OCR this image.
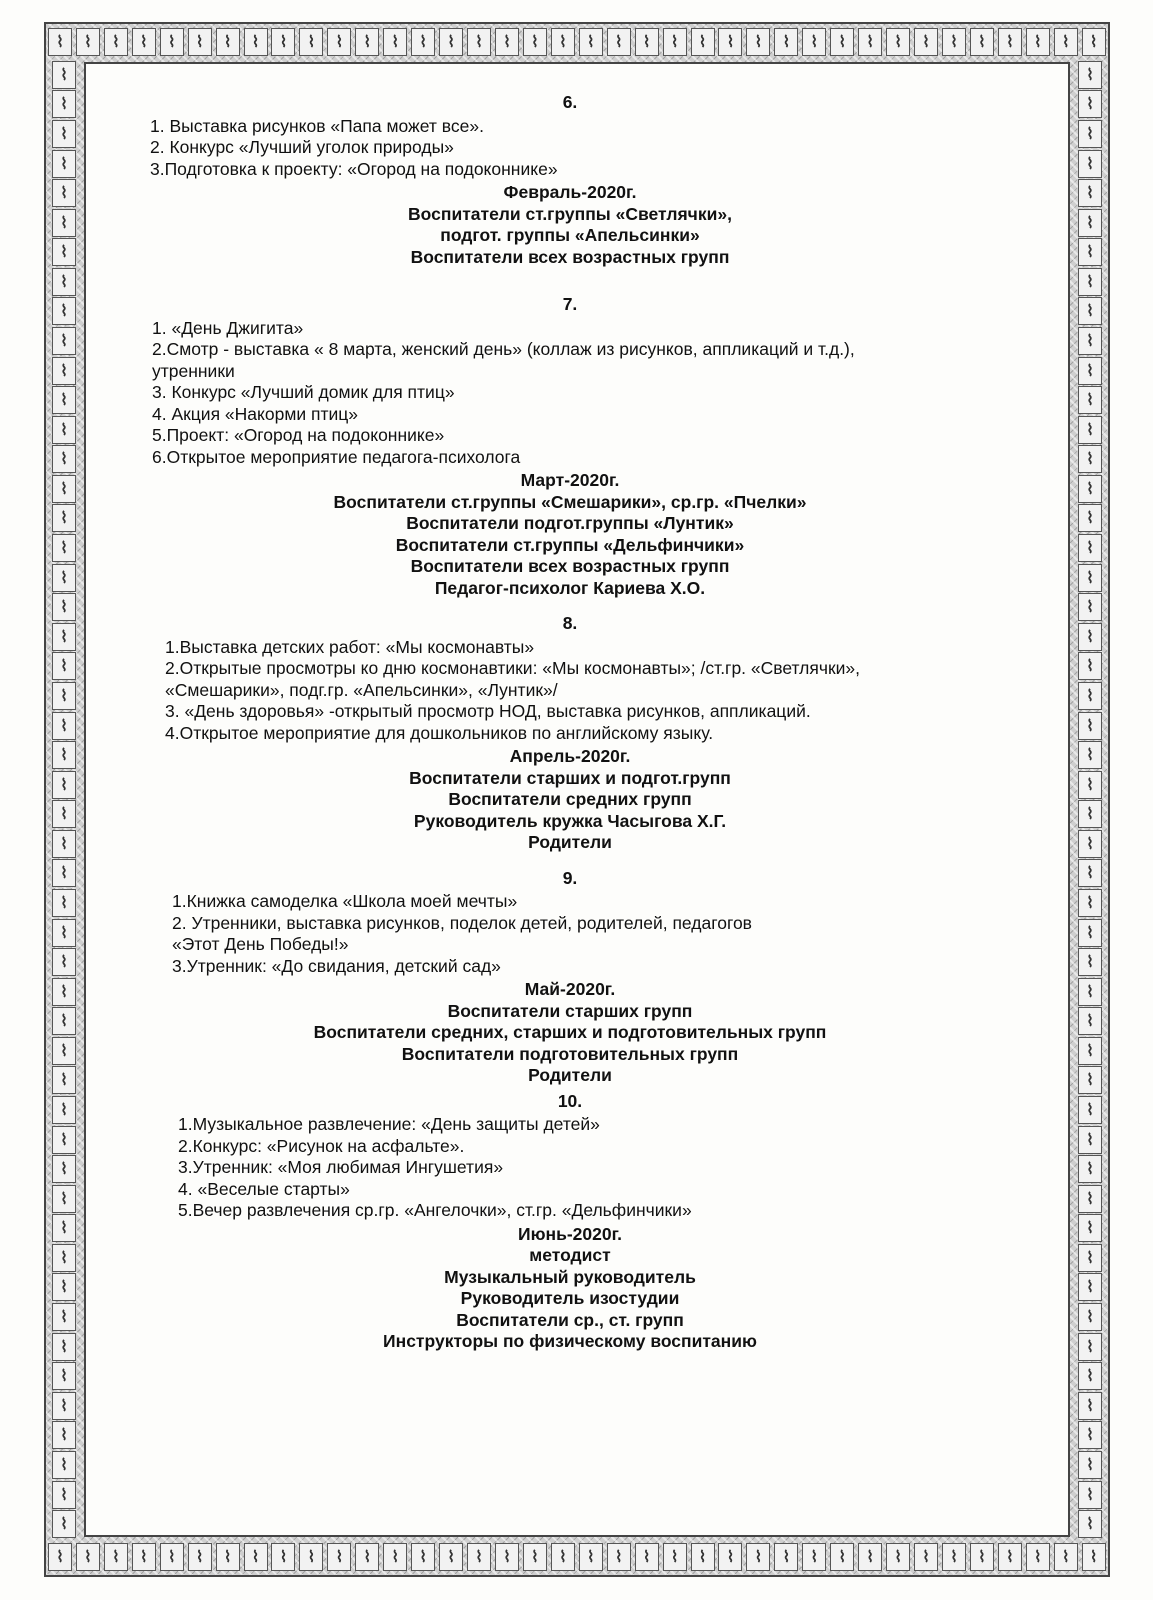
⌇	⌇	⌇	⌇	⌇	⌇	⌇	⌇	⌇	⌇	⌇	⌇	⌇	⌇	⌇	⌇	⌇	⌇	⌇	⌇	⌇	⌇	⌇	⌇	⌇	⌇	⌇	⌇	⌇	⌇	⌇	⌇	⌇	⌇	⌇	⌇	⌇	⌇
⌇	⌇	⌇	⌇	⌇	⌇	⌇	⌇	⌇	⌇	⌇	⌇	⌇	⌇	⌇	⌇	⌇	⌇	⌇	⌇	⌇	⌇	⌇	⌇	⌇	⌇	⌇	⌇	⌇	⌇	⌇	⌇	⌇	⌇	⌇	⌇	⌇	⌇
⌇
⌇
⌇
⌇
⌇
⌇
⌇
⌇
⌇
⌇
⌇
⌇
⌇
⌇
⌇
⌇
⌇
⌇
⌇
⌇
⌇
⌇
⌇
⌇
⌇
⌇
⌇
⌇
⌇
⌇
⌇
⌇
⌇
⌇
⌇
⌇
⌇
⌇
⌇
⌇
⌇
⌇
⌇
⌇
⌇
⌇
⌇
⌇
⌇
⌇
⌇
⌇
⌇
⌇
⌇
⌇
⌇
⌇
⌇
⌇
⌇
⌇
⌇
⌇
⌇
⌇
⌇
⌇
⌇
⌇
⌇
⌇
⌇
⌇
⌇
⌇
⌇
⌇
⌇
⌇
⌇
⌇
⌇
⌇
⌇
⌇
⌇
⌇
⌇
⌇
⌇
⌇
⌇
⌇
⌇
⌇
⌇
⌇
⌇
⌇
6.
1. Выставка рисунков «Папа может все».
2. Конкурс «Лучший уголок природы»
3.Подготовка к проекту: «Огород на подоконнике»
Февраль-2020г.
Воспитатели ст.группы «Светлячки»,
подгот. группы «Апельсинки»
Воспитатели всех возрастных групп
7.
1. «День Джигита»
2.Смотр - выставка « 8 марта, женский день» (коллаж из рисунков, аппликаций и т.д.),
утренники
3. Конкурс «Лучший домик для птиц»
4. Акция «Накорми птиц»
5.Проект: «Огород на подоконнике»
6.Открытое мероприятие педагога-психолога
Март-2020г.
Воспитатели ст.группы «Смешарики», ср.гр. «Пчелки»
Воспитатели подгот.группы «Лунтик»
Воспитатели ст.группы «Дельфинчики»
Воспитатели всех возрастных групп
Педагог-психолог Кариева Х.О.
8.
1.Выставка детских работ: «Мы космонавты»
2.Открытые просмотры ко дню космонавтики: «Мы космонавты»; /ст.гр. «Светлячки»,
«Смешарики», подг.гр. «Апельсинки», «Лунтик»/
3. «День здоровья» -открытый просмотр НОД, выставка рисунков, аппликаций.
4.Открытое мероприятие для дошкольников по английскому языку.
Апрель-2020г.
Воспитатели старших и подгот.групп
Воспитатели средних групп
Руководитель кружка Часыгова Х.Г.
Родители
9.
1.Книжка самоделка «Школа моей мечты»
2. Утренники, выставка рисунков, поделок детей, родителей, педагогов
«Этот День Победы!»
3.Утренник: «До свидания, детский сад»
Май-2020г.
Воспитатели старших групп
Воспитатели средних, старших и подготовительных групп
Воспитатели подготовительных групп
Родители
10.
1.Музыкальное развлечение: «День защиты детей»
2.Конкурс: «Рисунок на асфальте».
3.Утренник: «Моя любимая Ингушетия»
4. «Веселые старты»
5.Вечер развлечения ср.гр. «Ангелочки», ст.гр. «Дельфинчики»
Июнь-2020г.
методист
Музыкальный руководитель
Руководитель изостудии
Воспитатели ср., ст. групп
Инструкторы по физическому воспитанию
